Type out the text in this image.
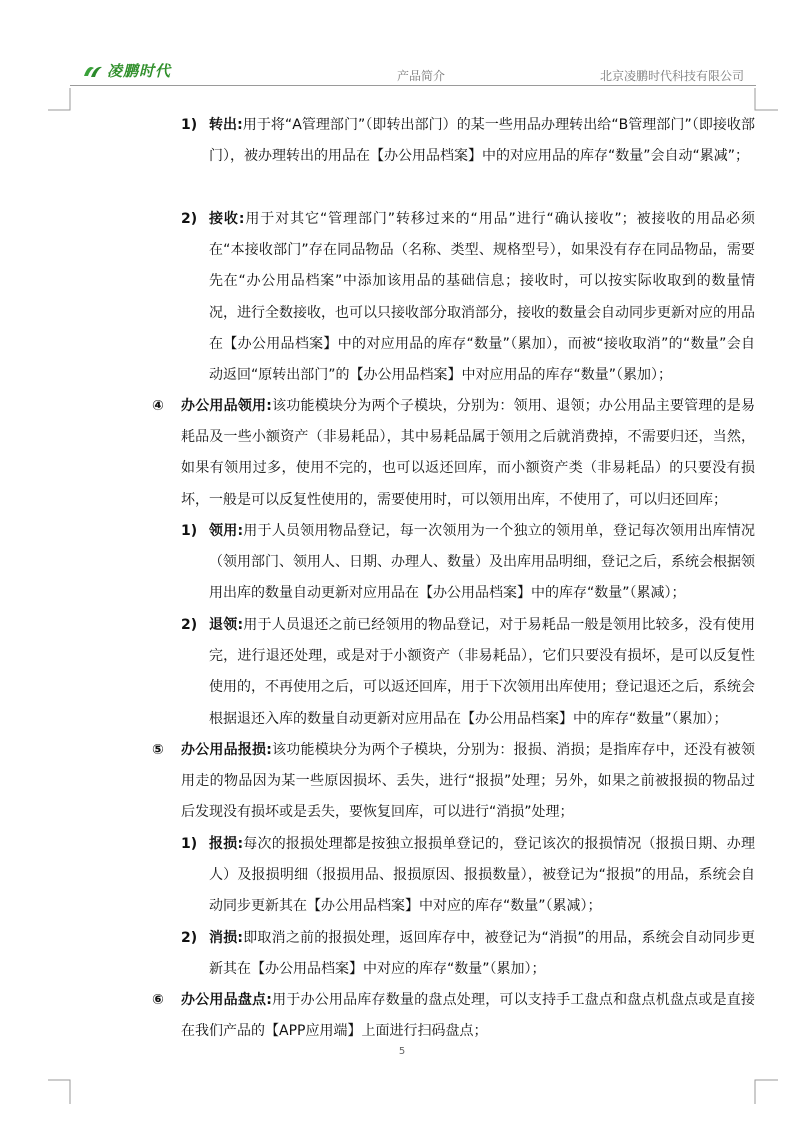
凌鹏时代	产品简介	北京凌鹏时代科技有限公司
1) 转出:用于将“A管理部门”（即转出部门）的某一些用品办理转出给“B管理部门”（即接收部门），被办理转出的用品在【办公用品档案】中的对应用品的库存“数量”会自动“累减”；
2) 接收:用于对其它“管理部门”转移过来的“用品”进行“确认接收”；被接收的用品必须在“本接收部门”存在同品物品（名称、类型、规格型号），如果没有存在同品物品，需要先在“办公用品档案”中添加该用品的基础信息；接收时，可以按实际收取到的数量情况，进行全数接收，也可以只接收部分取消部分，接收的数量会自动同步更新对应的用品在【办公用品档案】中的对应用品的库存“数量”（累加），而被“接收取消”的“数量”会自动返回“原转出部门”的【办公用品档案】中对应用品的库存“数量”（累加）；
④ 办公用品领用:该功能模块分为两个子模块，分别为：领用、退领；办公用品主要管理的是易耗品及一些小额资产（非易耗品），其中易耗品属于领用之后就消费掉，不需要归还，当然，如果有领用过多，使用不完的，也可以返还回库，而小额资产类（非易耗品）的只要没有损坏，一般是可以反复性使用的，需要使用时，可以领用出库，不使用了，可以归还回库；
1) 领用:用于人员领用物品登记，每一次领用为一个独立的领用单，登记每次领用出库情况（领用部门、领用人、日期、办理人、数量）及出库用品明细，登记之后，系统会根据领用出库的数量自动更新对应用品在【办公用品档案】中的库存“数量”（累减）；
2) 退领:用于人员退还之前已经领用的物品登记，对于易耗品一般是领用比较多，没有使用完，进行退还处理，或是对于小额资产（非易耗品），它们只要没有损坏，是可以反复性使用的，不再使用之后，可以返还回库，用于下次领用出库使用；登记退还之后，系统会根据退还入库的数量自动更新对应用品在【办公用品档案】中的库存“数量”（累加）；
⑤ 办公用品报损:该功能模块分为两个子模块，分别为：报损、消损；是指库存中，还没有被领用走的物品因为某一些原因损坏、丢失，进行“报损”处理；另外，如果之前被报损的物品过后发现没有损坏或是丢失，要恢复回库，可以进行“消损”处理；
1) 报损:每次的报损处理都是按独立报损单登记的，登记该次的报损情况（报损日期、办理人）及报损明细（报损用品、报损原因、报损数量），被登记为“报损”的用品，系统会自动同步更新其在【办公用品档案】中对应的库存“数量”（累减）；
2) 消损:即取消之前的报损处理，返回库存中，被登记为“消损”的用品，系统会自动同步更新其在【办公用品档案】中对应的库存“数量”（累加）；
⑥ 办公用品盘点:用于办公用品库存数量的盘点处理，可以支持手工盘点和盘点机盘点或是直接在我们产品的【APP应用端】上面进行扫码盘点；
5
